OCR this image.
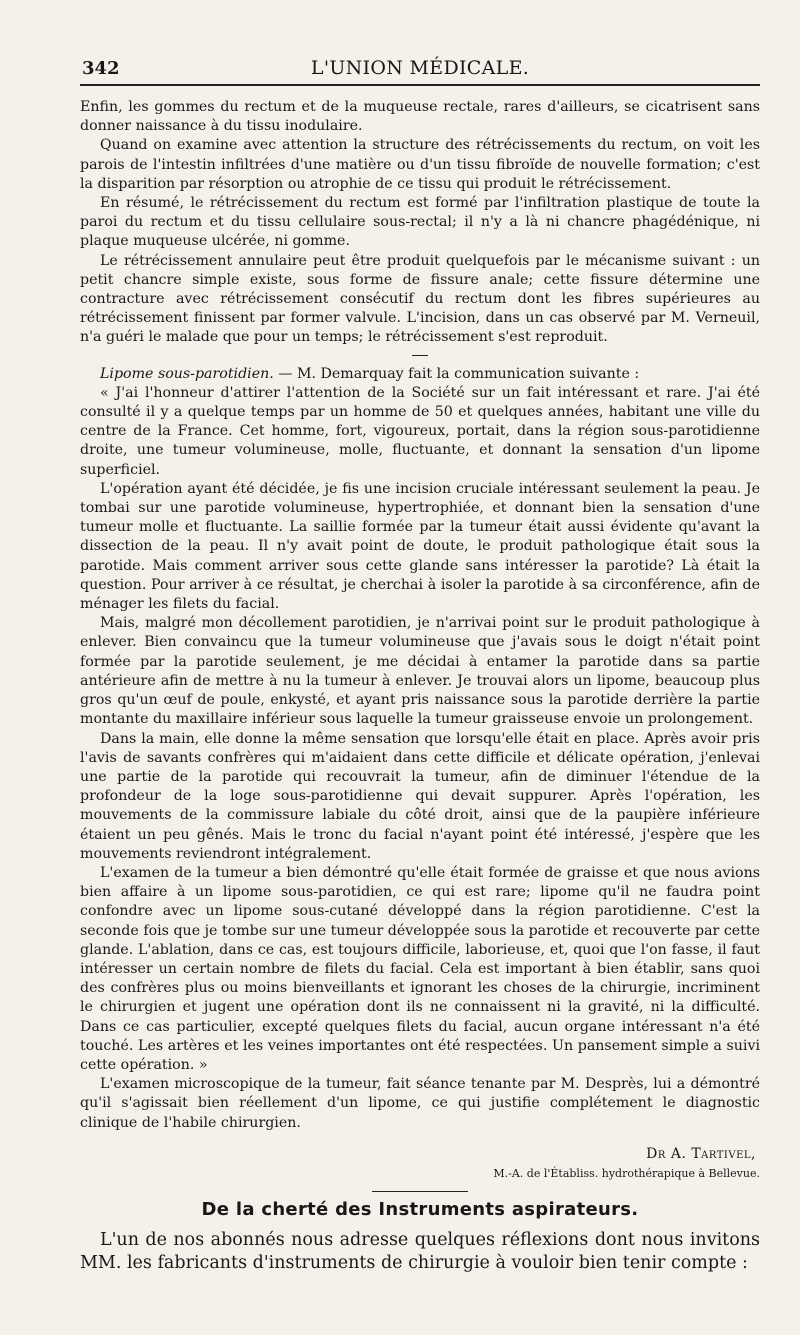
342	L'UNION MÉDICALE.

Enfin, les gommes du rectum et de la muqueuse rectale, rares d'ailleurs, se cicatrisent sans donner naissance à du tissu inodulaire.

Quand on examine avec attention la structure des rétrécissements du rectum, on voit les parois de l'intestin infiltrées d'une matière ou d'un tissu fibroïde de nouvelle formation; c'est la disparition par résorption ou atrophie de ce tissu qui produit le rétrécissement.

En résumé, le rétrécissement du rectum est formé par l'infiltration plastique de toute la paroi du rectum et du tissu cellulaire sous-rectal; il n'y a là ni chancre phagédénique, ni plaque muqueuse ulcérée, ni gomme.

Le rétrécissement annulaire peut être produit quelquefois par le mécanisme suivant : un petit chancre simple existe, sous forme de fissure anale; cette fissure détermine une contracture avec rétrécissement consécutif du rectum dont les fibres supérieures au rétrécissement finissent par former valvule. L'incision, dans un cas observé par M. Verneuil, n'a guéri le malade que pour un temps; le rétrécissement s'est reproduit.

Lipome sous-parotidien. — M. Demarquay fait la communication suivante :

« J'ai l'honneur d'attirer l'attention de la Société sur un fait intéressant et rare. J'ai été consulté il y a quelque temps par un homme de 50 et quelques années, habitant une ville du centre de la France. Cet homme, fort, vigoureux, portait, dans la région sous-parotidienne droite, une tumeur volumineuse, molle, fluctuante, et donnant la sensation d'un lipome superficiel.

L'opération ayant été décidée, je fis une incision cruciale intéressant seulement la peau. Je tombai sur une parotide volumineuse, hypertrophiée, et donnant bien la sensation d'une tumeur molle et fluctuante. La saillie formée par la tumeur était aussi évidente qu'avant la dissection de la peau. Il n'y avait point de doute, le produit pathologique était sous la parotide. Mais comment arriver sous cette glande sans intéresser la parotide? Là était la question. Pour arriver à ce résultat, je cherchai à isoler la parotide à sa circonférence, afin de ménager les filets du facial.

Mais, malgré mon décollement parotidien, je n'arrivai point sur le produit pathologique à enlever. Bien convaincu que la tumeur volumineuse que j'avais sous le doigt n'était point formée par la parotide seulement, je me décidai à entamer la parotide dans sa partie antérieure afin de mettre à nu la tumeur à enlever. Je trouvai alors un lipome, beaucoup plus gros qu'un œuf de poule, enkysté, et ayant pris naissance sous la parotide derrière la partie montante du maxillaire inférieur sous laquelle la tumeur graisseuse envoie un prolongement.

Dans la main, elle donne la même sensation que lorsqu'elle était en place. Après avoir pris l'avis de savants confrères qui m'aidaient dans cette difficile et délicate opération, j'enlevai une partie de la parotide qui recouvrait la tumeur, afin de diminuer l'étendue de la profondeur de la loge sous-parotidienne qui devait suppurer. Après l'opération, les mouvements de la commissure labiale du côté droit, ainsi que de la paupière inférieure étaient un peu gênés. Mais le tronc du facial n'ayant point été intéressé, j'espère que les mouvements reviendront intégralement.

L'examen de la tumeur a bien démontré qu'elle était formée de graisse et que nous avions bien affaire à un lipome sous-parotidien, ce qui est rare; lipome qu'il ne faudra point confondre avec un lipome sous-cutané développé dans la région parotidienne. C'est la seconde fois que je tombe sur une tumeur développée sous la parotide et recouverte par cette glande. L'ablation, dans ce cas, est toujours difficile, laborieuse, et, quoi que l'on fasse, il faut intéresser un certain nombre de filets du facial. Cela est important à bien établir, sans quoi des confrères plus ou moins bienveillants et ignorant les choses de la chirurgie, incriminent le chirurgien et jugent une opération dont ils ne connaissent ni la gravité, ni la difficulté. Dans ce cas particulier, excepté quelques filets du facial, aucun organe intéressant n'a été touché. Les artères et les veines importantes ont été respectées. Un pansement simple a suivi cette opération. »

L'examen microscopique de la tumeur, fait séance tenante par M. Desprès, lui a démontré qu'il s'agissait bien réellement d'un lipome, ce qui justifie complétement le diagnostic clinique de l'habile chirurgien.

Dr A. Tartivel,
M.-A. de l'Établiss. hydrothérapique à Bellevue.
De la cherté des Instruments aspirateurs.

L'un de nos abonnés nous adresse quelques réflexions dont nous invitons MM. les fabricants d'instruments de chirurgie à vouloir bien tenir compte :
